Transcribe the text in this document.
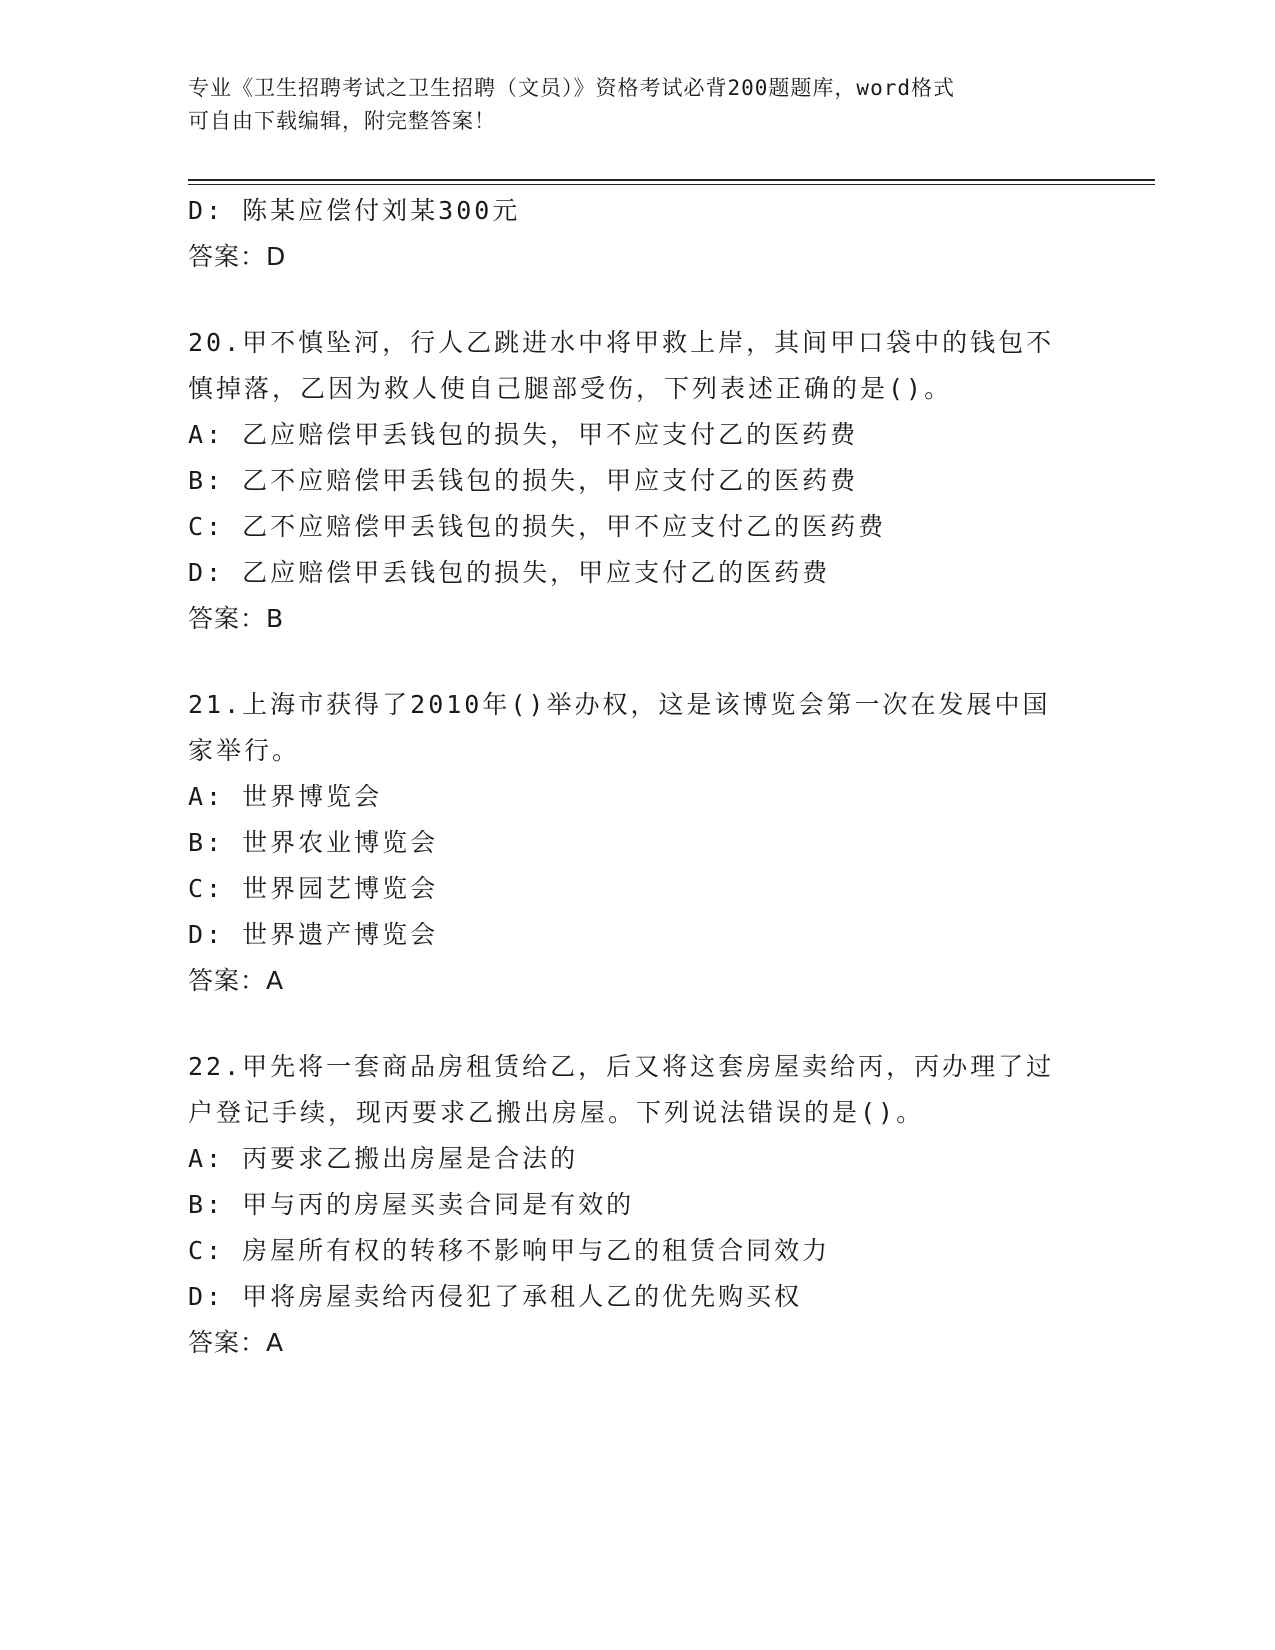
专业《卫生招聘考试之卫生招聘（文员）》资格考试必背200题题库，word格式
可自由下载编辑，附完整答案！
D: 陈某应偿付刘某300元
答案：D
20.甲不慎坠河，行人乙跳进水中将甲救上岸，其间甲口袋中的钱包不
慎掉落，乙因为救人使自己腿部受伤，下列表述正确的是()。
A: 乙应赔偿甲丢钱包的损失，甲不应支付乙的医药费
B: 乙不应赔偿甲丢钱包的损失，甲应支付乙的医药费
C: 乙不应赔偿甲丢钱包的损失，甲不应支付乙的医药费
D: 乙应赔偿甲丢钱包的损失，甲应支付乙的医药费
答案：B
21.上海市获得了2010年()举办权，这是该博览会第一次在发展中国
家举行。
A: 世界博览会
B: 世界农业博览会
C: 世界园艺博览会
D: 世界遗产博览会
答案：A
22.甲先将一套商品房租赁给乙，后又将这套房屋卖给丙，丙办理了过
户登记手续，现丙要求乙搬出房屋。下列说法错误的是()。
A: 丙要求乙搬出房屋是合法的
B: 甲与丙的房屋买卖合同是有效的
C: 房屋所有权的转移不影响甲与乙的租赁合同效力
D: 甲将房屋卖给丙侵犯了承租人乙的优先购买权
答案：A
